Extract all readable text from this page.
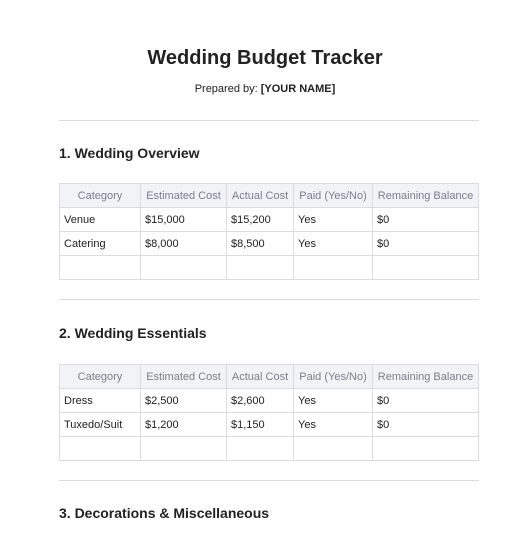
Wedding Budget Tracker
Prepared by: [YOUR NAME]
1. Wedding Overview
Category	Estimated Cost	Actual Cost	Paid (Yes/No)	Remaining Balance
Venue	$15,000	$15,200	Yes	$0
Catering	$8,000	$8,500	Yes	$0

2. Wedding Essentials
Category	Estimated Cost	Actual Cost	Paid (Yes/No)	Remaining Balance
Dress	$2,500	$2,600	Yes	$0
Tuxedo/Suit	$1,200	$1,150	Yes	$0

3. Decorations & Miscellaneous
